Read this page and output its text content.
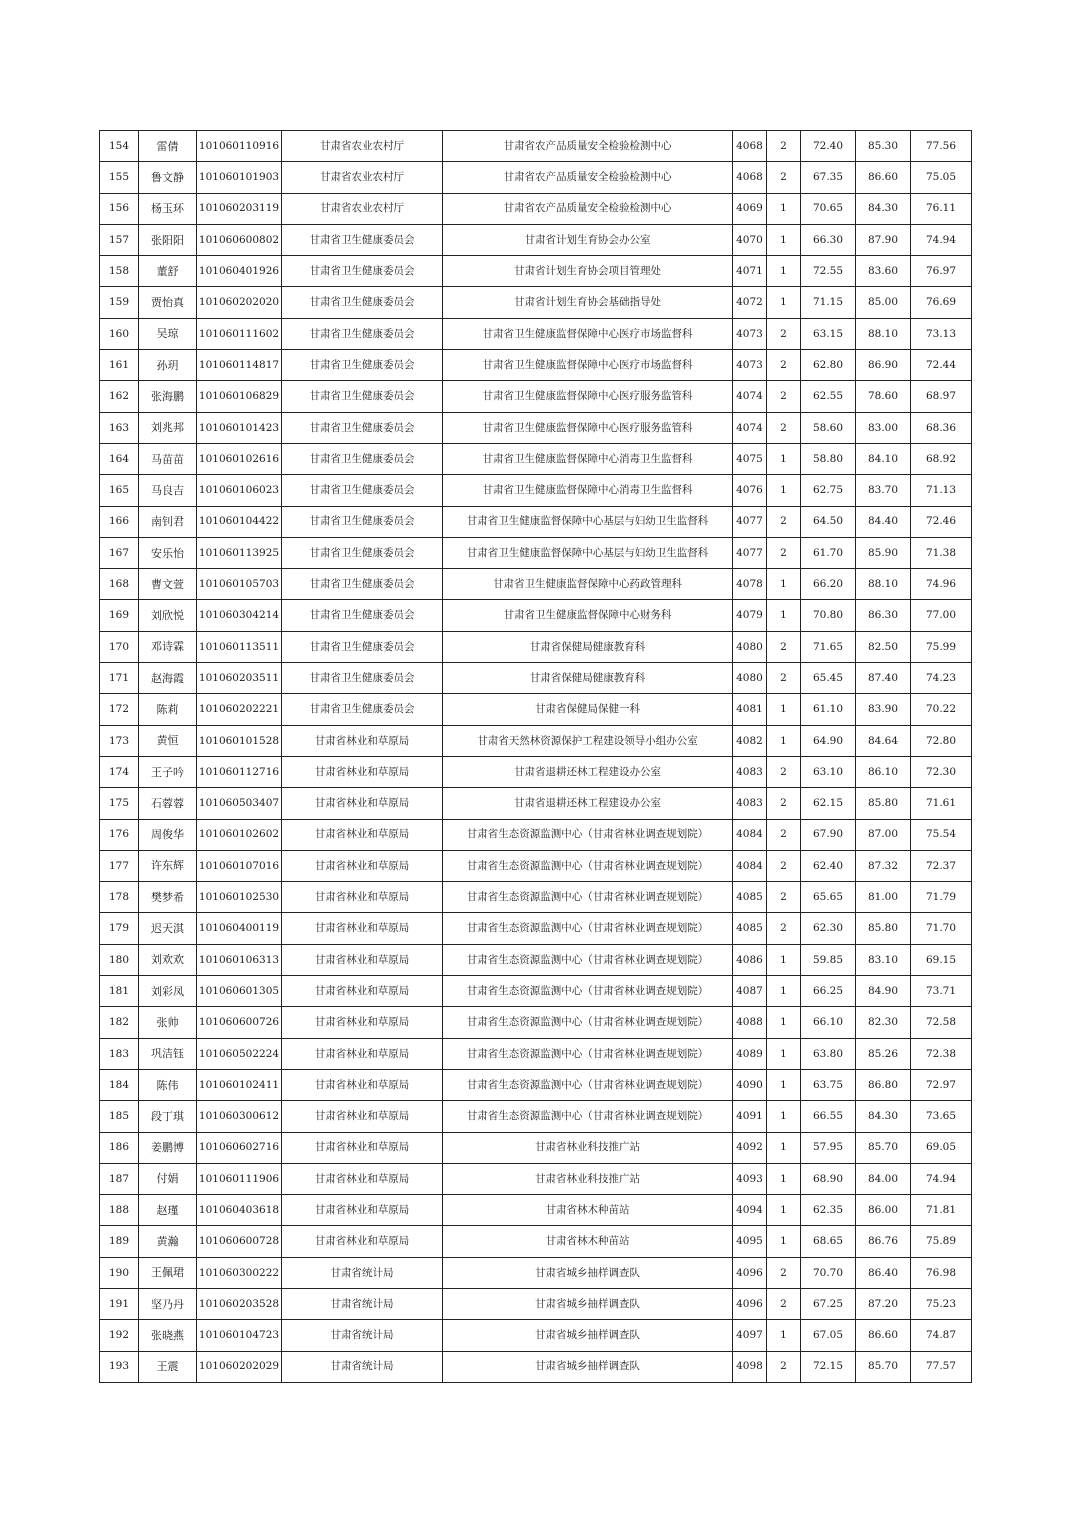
154	雷倩	101060110916	甘肃省农业农村厅	甘肃省农产品质量安全检验检测中心	4068	2	72.40	85.30	77.56
155	鲁文静	101060101903	甘肃省农业农村厅	甘肃省农产品质量安全检验检测中心	4068	2	67.35	86.60	75.05
156	杨玉环	101060203119	甘肃省农业农村厅	甘肃省农产品质量安全检验检测中心	4069	1	70.65	84.30	76.11
157	张阳阳	101060600802	甘肃省卫生健康委员会	甘肃省计划生育协会办公室	4070	1	66.30	87.90	74.94
158	董舒	101060401926	甘肃省卫生健康委员会	甘肃省计划生育协会项目管理处	4071	1	72.55	83.60	76.97
159	贾怡真	101060202020	甘肃省卫生健康委员会	甘肃省计划生育协会基础指导处	4072	1	71.15	85.00	76.69
160	吴琼	101060111602	甘肃省卫生健康委员会	甘肃省卫生健康监督保障中心医疗市场监督科	4073	2	63.15	88.10	73.13
161	孙玥	101060114817	甘肃省卫生健康委员会	甘肃省卫生健康监督保障中心医疗市场监督科	4073	2	62.80	86.90	72.44
162	张海鹏	101060106829	甘肃省卫生健康委员会	甘肃省卫生健康监督保障中心医疗服务监管科	4074	2	62.55	78.60	68.97
163	刘兆邦	101060101423	甘肃省卫生健康委员会	甘肃省卫生健康监督保障中心医疗服务监管科	4074	2	58.60	83.00	68.36
164	马苗苗	101060102616	甘肃省卫生健康委员会	甘肃省卫生健康监督保障中心消毒卫生监督科	4075	1	58.80	84.10	68.92
165	马良吉	101060106023	甘肃省卫生健康委员会	甘肃省卫生健康监督保障中心消毒卫生监督科	4076	1	62.75	83.70	71.13
166	南钊君	101060104422	甘肃省卫生健康委员会	甘肃省卫生健康监督保障中心基层与妇幼卫生监督科	4077	2	64.50	84.40	72.46
167	安乐怡	101060113925	甘肃省卫生健康委员会	甘肃省卫生健康监督保障中心基层与妇幼卫生监督科	4077	2	61.70	85.90	71.38
168	曹文萱	101060105703	甘肃省卫生健康委员会	甘肃省卫生健康监督保障中心药政管理科	4078	1	66.20	88.10	74.96
169	刘欣悦	101060304214	甘肃省卫生健康委员会	甘肃省卫生健康监督保障中心财务科	4079	1	70.80	86.30	77.00
170	邓诗霖	101060113511	甘肃省卫生健康委员会	甘肃省保健局健康教育科	4080	2	71.65	82.50	75.99
171	赵海霞	101060203511	甘肃省卫生健康委员会	甘肃省保健局健康教育科	4080	2	65.45	87.40	74.23
172	陈莉	101060202221	甘肃省卫生健康委员会	甘肃省保健局保健一科	4081	1	61.10	83.90	70.22
173	黄恒	101060101528	甘肃省林业和草原局	甘肃省天然林资源保护工程建设领导小组办公室	4082	1	64.90	84.64	72.80
174	王子吟	101060112716	甘肃省林业和草原局	甘肃省退耕还林工程建设办公室	4083	2	63.10	86.10	72.30
175	石蓉蓉	101060503407	甘肃省林业和草原局	甘肃省退耕还林工程建设办公室	4083	2	62.15	85.80	71.61
176	周俊华	101060102602	甘肃省林业和草原局	甘肃省生态资源监测中心（甘肃省林业调查规划院）	4084	2	67.90	87.00	75.54
177	许东辉	101060107016	甘肃省林业和草原局	甘肃省生态资源监测中心（甘肃省林业调查规划院）	4084	2	62.40	87.32	72.37
178	樊梦希	101060102530	甘肃省林业和草原局	甘肃省生态资源监测中心（甘肃省林业调查规划院）	4085	2	65.65	81.00	71.79
179	迟天淇	101060400119	甘肃省林业和草原局	甘肃省生态资源监测中心（甘肃省林业调查规划院）	4085	2	62.30	85.80	71.70
180	刘欢欢	101060106313	甘肃省林业和草原局	甘肃省生态资源监测中心（甘肃省林业调查规划院）	4086	1	59.85	83.10	69.15
181	刘彩凤	101060601305	甘肃省林业和草原局	甘肃省生态资源监测中心（甘肃省林业调查规划院）	4087	1	66.25	84.90	73.71
182	张帅	101060600726	甘肃省林业和草原局	甘肃省生态资源监测中心（甘肃省林业调查规划院）	4088	1	66.10	82.30	72.58
183	巩洁钰	101060502224	甘肃省林业和草原局	甘肃省生态资源监测中心（甘肃省林业调查规划院）	4089	1	63.80	85.26	72.38
184	陈伟	101060102411	甘肃省林业和草原局	甘肃省生态资源监测中心（甘肃省林业调查规划院）	4090	1	63.75	86.80	72.97
185	段丁琪	101060300612	甘肃省林业和草原局	甘肃省生态资源监测中心（甘肃省林业调查规划院）	4091	1	66.55	84.30	73.65
186	姜鹏博	101060602716	甘肃省林业和草原局	甘肃省林业科技推广站	4092	1	57.95	85.70	69.05
187	付娟	101060111906	甘肃省林业和草原局	甘肃省林业科技推广站	4093	1	68.90	84.00	74.94
188	赵瑾	101060403618	甘肃省林业和草原局	甘肃省林木种苗站	4094	1	62.35	86.00	71.81
189	黄瀚	101060600728	甘肃省林业和草原局	甘肃省林木种苗站	4095	1	68.65	86.76	75.89
190	王佩珺	101060300222	甘肃省统计局	甘肃省城乡抽样调查队	4096	2	70.70	86.40	76.98
191	坚乃丹	101060203528	甘肃省统计局	甘肃省城乡抽样调查队	4096	2	67.25	87.20	75.23
192	张晓燕	101060104723	甘肃省统计局	甘肃省城乡抽样调查队	4097	1	67.05	86.60	74.87
193	王震	101060202029	甘肃省统计局	甘肃省城乡抽样调查队	4098	2	72.15	85.70	77.57
